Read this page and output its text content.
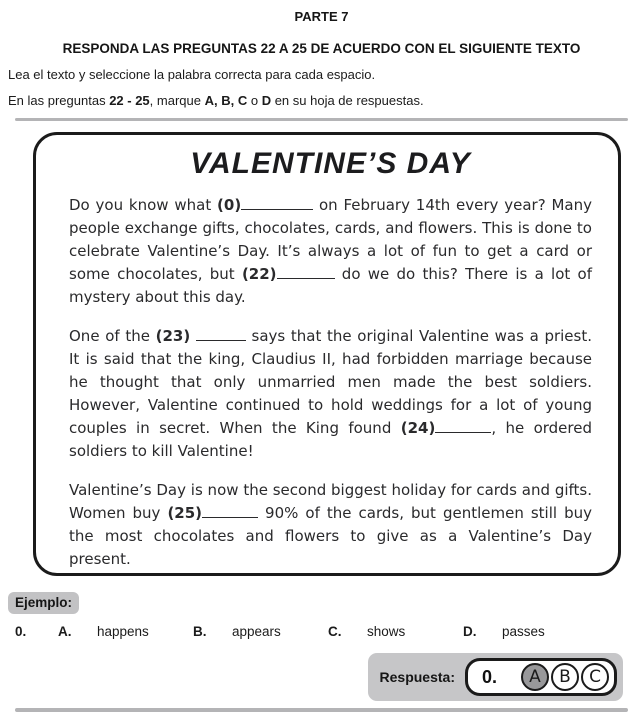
PARTE 7
RESPONDA LAS PREGUNTAS 22 A 25 DE ACUERDO CON EL SIGUIENTE TEXTO
Lea el texto y seleccione la palabra correcta para cada espacio.
En las preguntas 22 - 25, marque A, B, C o D en su hoja de respuestas.
VALENTINE’S DAY

Do you know what (0)	on February 14th every year? Many people exchange gifts, chocolates, cards, and flowers. This is done to celebrate Valentine’s Day. It’s always a lot of fun to get a card or some chocolates, but (22)	do we do this? There is a lot of mystery about this day.

One of the (23)	says that the original Valentine was a priest. It is said that the king, Claudius II, had forbidden marriage because he thought that only unmarried men made the best soldiers. However, Valentine continued to hold weddings for a lot of young couples in secret. When the King found (24)	, he ordered soldiers to kill Valentine!

Valentine’s Day is now the second biggest holiday for cards and gifts. Women buy (25)	90% of the cards, but gentlemen still buy the most chocolates and flowers to give as a Valentine’s Day present.

Ejemplo:
0.	A.	happens	B.	appears	C.	shows	D.	passes
Respuesta: 0.	A	B	C
